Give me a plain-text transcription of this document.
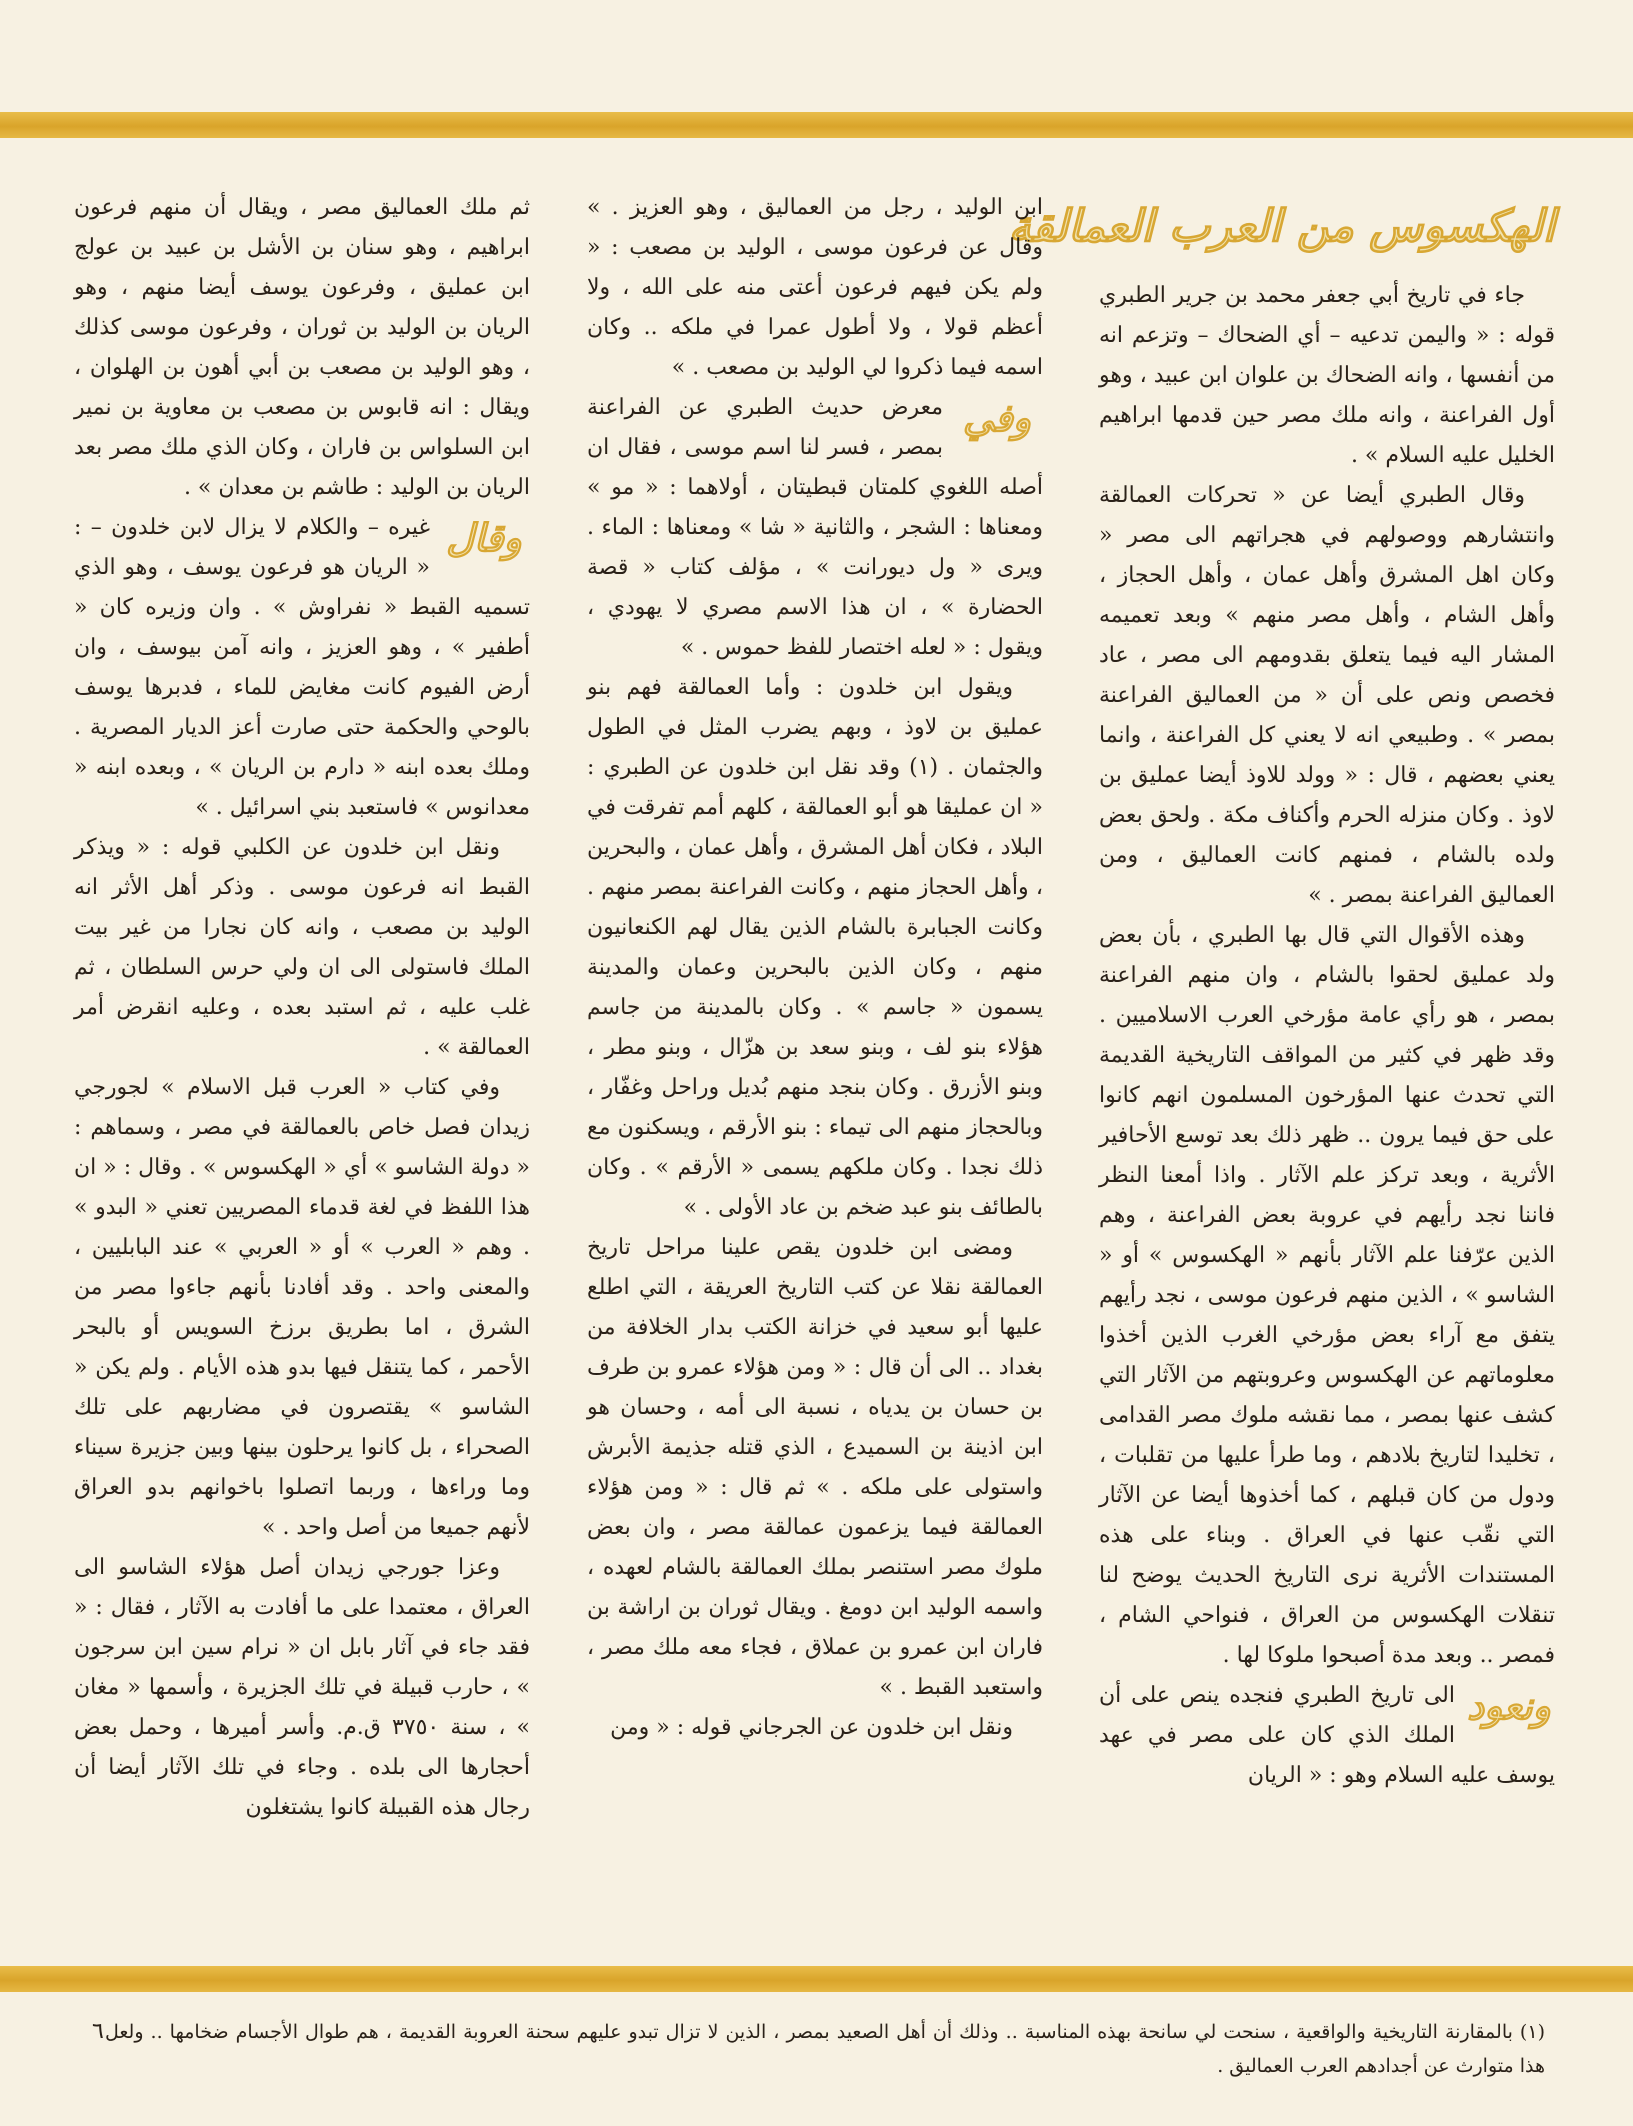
الهكسوس من العرب العمالقة

جاء في تاريخ أبي جعفر محمد بن جرير الطبري قوله : « واليمن تدعيه – أي الضحاك – وتزعم انه من أنفسها ، وانه الضحاك بن علوان ابن عبيد ، وهو أول الفراعنة ، وانه ملك مصر حين قدمها ابراهيم الخليل عليه السلام » .

وقال الطبري أيضا عن « تحركات العمالقة وانتشارهم ووصولهم في هجراتهم الى مصر « وكان اهل المشرق وأهل عمان ، وأهل الحجاز ، وأهل الشام ، وأهل مصر منهم » وبعد تعميمه المشار اليه فيما يتعلق بقدومهم الى مصر ، عاد فخصص ونص على أن « من العماليق الفراعنة بمصر » . وطبيعي انه لا يعني كل الفراعنة ، وانما يعني بعضهم ، قال : « وولد للاوذ أيضا عمليق بن لاوذ . وكان منزله الحرم وأكناف مكة . ولحق بعض ولده بالشام ، فمنهم كانت العماليق ، ومن العماليق الفراعنة بمصر . »

وهذه الأقوال التي قال بها الطبري ، بأن بعض ولد عمليق لحقوا بالشام ، وان منهم الفراعنة بمصر ، هو رأي عامة مؤرخي العرب الاسلاميين . وقد ظهر في كثير من المواقف التاريخية القديمة التي تحدث عنها المؤرخون المسلمون انهم كانوا على حق فيما يرون .. ظهر ذلك بعد توسع الأحافير الأثرية ، وبعد تركز علم الآثار . واذا أمعنا النظر فاننا نجد رأيهم في عروبة بعض الفراعنة ، وهم الذين عرّفنا علم الآثار بأنهم « الهكسوس » أو « الشاسو » ، الذين منهم فرعون موسى ، نجد رأيهم يتفق مع آراء بعض مؤرخي الغرب الذين أخذوا معلوماتهم عن الهكسوس وعروبتهم من الآثار التي كشف عنها بمصر ، مما نقشه ملوك مصر القدامى ، تخليدا لتاريخ بلادهم ، وما طرأ عليها من تقلبات ، ودول من كان قبلهم ، كما أخذوها أيضا عن الآثار التي نقّب عنها في العراق . وبناء على هذه المستندات الأثرية نرى التاريخ الحديث يوضح لنا تنقلات الهكسوس من العراق ، فنواحي الشام ، فمصر .. وبعد مدة أصبحوا ملوكا لها .

ونعود

الى تاريخ الطبري فنجده ينص على أن الملك الذي كان على مصر في عهد يوسف عليه السلام وهو : « الريان

ابن الوليد ، رجل من العماليق ، وهو العزيز . » وقال عن فرعون موسى ، الوليد بن مصعب : « ولم يكن فيهم فرعون أعتى منه على الله ، ولا أعظم قولا ، ولا أطول عمرا في ملكه .. وكان اسمه فيما ذكروا لي الوليد بن مصعب . »

وفي

معرض حديث الطبري عن الفراعنة بمصر ، فسر لنا اسم موسى ، فقال ان أصله اللغوي كلمتان قبطيتان ، أولاهما : « مو » ومعناها : الشجر ، والثانية « شا » ومعناها : الماء . ويرى « ول ديورانت » ، مؤلف كتاب « قصة الحضارة » ، ان هذا الاسم مصري لا يهودي ، ويقول : « لعله اختصار للفظ حموس . »

ويقول ابن خلدون : وأما العمالقة فهم بنو عمليق بن لاوذ ، وبهم يضرب المثل في الطول والجثمان . (١) وقد نقل ابن خلدون عن الطبري : « ان عمليقا هو أبو العمالقة ، كلهم أمم تفرقت في البلاد ، فكان أهل المشرق ، وأهل عمان ، والبحرين ، وأهل الحجاز منهم ، وكانت الفراعنة بمصر منهم . وكانت الجبابرة بالشام الذين يقال لهم الكنعانيون منهم ، وكان الذين بالبحرين وعمان والمدينة يسمون « جاسم » . وكان بالمدينة من جاسم هؤلاء بنو لف ، وبنو سعد بن هزّال ، وبنو مطر ، وبنو الأزرق . وكان بنجد منهم بُديل وراحل وغفّار ، وبالحجاز منهم الى تيماء : بنو الأرقم ، ويسكنون مع ذلك نجدا . وكان ملكهم يسمى « الأرقم » . وكان بالطائف بنو عبد ضخم بن عاد الأولى . »

ومضى ابن خلدون يقص علينا مراحل تاريخ العمالقة نقلا عن كتب التاريخ العريقة ، التي اطلع عليها أبو سعيد في خزانة الكتب بدار الخلافة من بغداد .. الى أن قال : « ومن هؤلاء عمرو بن طرف بن حسان بن يدياه ، نسبة الى أمه ، وحسان هو ابن اذينة بن السميدع ، الذي قتله جذيمة الأبرش واستولى على ملكه . » ثم قال : « ومن هؤلاء العمالقة فيما يزعمون عمالقة مصر ، وان بعض ملوك مصر استنصر بملك العمالقة بالشام لعهده ، واسمه الوليد ابن دومغ . ويقال ثوران بن اراشة بن فاران ابن عمرو بن عملاق ، فجاء معه ملك مصر ، واستعبد القبط . »

ونقل ابن خلدون عن الجرجاني قوله : « ومن

ثم ملك العماليق مصر ، ويقال أن منهم فرعون ابراهيم ، وهو سنان بن الأشل بن عبيد بن عولج ابن عمليق ، وفرعون يوسف أيضا منهم ، وهو الريان بن الوليد بن ثوران ، وفرعون موسى كذلك ، وهو الوليد بن مصعب بن أبي أهون بن الهلوان ، ويقال : انه قابوس بن مصعب بن معاوية بن نمير ابن السلواس بن فاران ، وكان الذي ملك مصر بعد الريان بن الوليد : طاشم بن معدان » .

وقال

غيره – والكلام لا يزال لابن خلدون – : « الريان هو فرعون يوسف ، وهو الذي تسميه القبط « نفراوش » . وان وزيره كان « أطفير » ، وهو العزيز ، وانه آمن بيوسف ، وان أرض الفيوم كانت مغايض للماء ، فدبرها يوسف بالوحي والحكمة حتى صارت أعز الديار المصرية . وملك بعده ابنه « دارم بن الريان » ، وبعده ابنه « معدانوس » فاستعبد بني اسرائيل . »

ونقل ابن خلدون عن الكلبي قوله : « ويذكر القبط انه فرعون موسى . وذكر أهل الأثر انه الوليد بن مصعب ، وانه كان نجارا من غير بيت الملك فاستولى الى ان ولي حرس السلطان ، ثم غلب عليه ، ثم استبد بعده ، وعليه انقرض أمر العمالقة » .

وفي كتاب « العرب قبل الاسلام » لجورجي زيدان فصل خاص بالعمالقة في مصر ، وسماهم : « دولة الشاسو » أي « الهكسوس » . وقال : « ان هذا اللفظ في لغة قدماء المصريين تعني « البدو » . وهم « العرب » أو « العربي » عند البابليين ، والمعنى واحد . وقد أفادنا بأنهم جاءوا مصر من الشرق ، اما بطريق برزخ السويس أو بالبحر الأحمر ، كما يتنقل فيها بدو هذه الأيام . ولم يكن « الشاسو » يقتصرون في مضاربهم على تلك الصحراء ، بل كانوا يرحلون بينها وبين جزيرة سيناء وما وراءها ، وربما اتصلوا باخوانهم بدو العراق لأنهم جميعا من أصل واحد . »

وعزا جورجي زيدان أصل هؤلاء الشاسو الى العراق ، معتمدا على ما أفادت به الآثار ، فقال : « فقد جاء في آثار بابل ان « نرام سين ابن سرجون » ، حارب قبيلة في تلك الجزيرة ، وأسمها « مغان » ، سنة ٣٧٥٠ ق.م. وأسر أميرها ، وحمل بعض أحجارها الى بلده . وجاء في تلك الآثار أيضا أن رجال هذه القبيلة كانوا يشتغلون

(١) بالمقارنة التاريخية والواقعية ، سنحت لي سانحة بهذه المناسبة .. وذلك أن أهل الصعيد بمصر ، الذين لا تزال تبدو عليهم سحنة العروبة القديمة ، هم طوال الأجسام ضخامها .. ولعل هذا متوارث عن أجدادهم العرب العماليق .
٦
